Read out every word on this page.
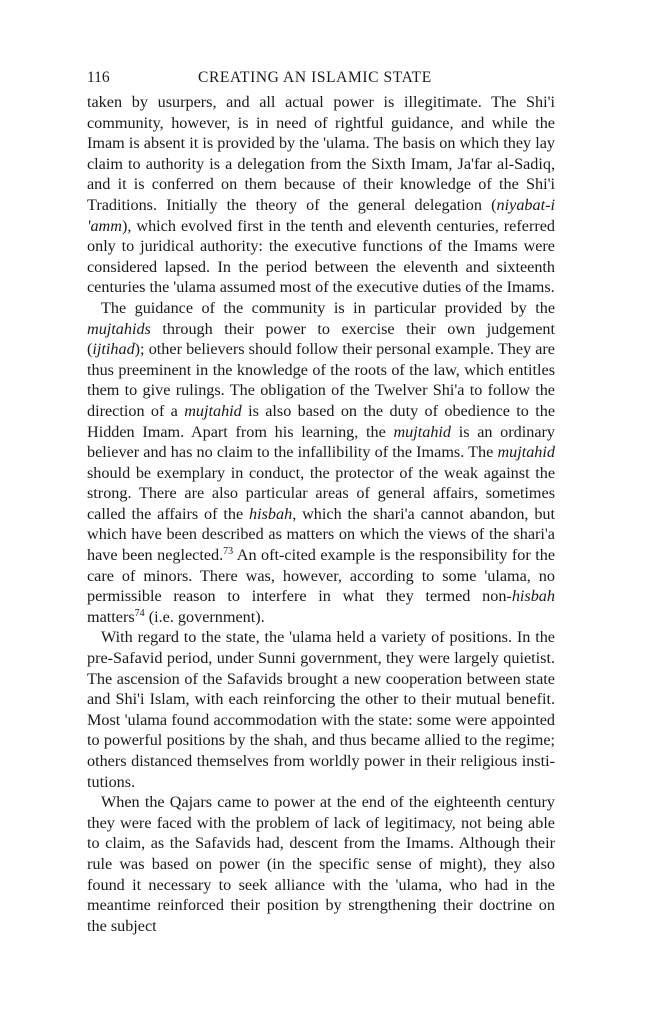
116	CREATING AN ISLAMIC STATE

taken by usurpers, and all actual power is illegitimate. The Shi'i community, however, is in need of rightful guidance, and while the Imam is absent it is provided by the 'ulama. The basis on which they lay claim to authority is a delegation from the Sixth Imam, Ja'far al-Sadiq, and it is conferred on them because of their knowledge of the Shi'i Traditions. Initially the theory of the general delegation (niyabat-i 'amm), which evolved first in the tenth and eleventh centuries, referred only to juridical authority: the executive functions of the Imams were considered lapsed. In the period between the eleventh and sixteenth centuries the 'ulama assumed most of the executive duties of the Imams.

The guidance of the community is in particular provided by the mujtahids through their power to exercise their own judgement (ijtihad); other believers should follow their personal example. They are thus preeminent in the knowledge of the roots of the law, which entitles them to give rulings. The obligation of the Twelver Shi'a to follow the direction of a mujtahid is also based on the duty of obedience to the Hidden Imam. Apart from his learning, the mujtahid is an ordinary believer and has no claim to the infallibility of the Imams. The mujtahid should be exemplary in conduct, the protector of the weak against the strong. There are also particular areas of general affairs, sometimes called the affairs of the hisbah, which the shari'a cannot abandon, but which have been described as matters on which the views of the shari'a have been neglected.$^{73}$ An oft-cited example is the responsibility for the care of minors. There was, however, according to some 'ulama, no permissible reason to interfere in what they termed non-hisbah matters$^{74}$ (i.e. government).

With regard to the state, the 'ulama held a variety of positions. In the pre-Safavid period, under Sunni government, they were largely quietist. The ascension of the Safavids brought a new cooperation between state and Shi'i Islam, with each reinforcing the other to their mutual benefit. Most 'ulama found accommodation with the state: some were appointed to powerful positions by the shah, and thus became allied to the regime; others distanced themselves from worldly power in their religious institutions.

When the Qajars came to power at the end of the eighteenth century they were faced with the problem of lack of legitimacy, not being able to claim, as the Safavids had, descent from the Imams. Although their rule was based on power (in the specific sense of might), they also found it necessary to seek alliance with the 'ulama, who had in the meantime reinforced their position by strengthening their doctrine on the subject
